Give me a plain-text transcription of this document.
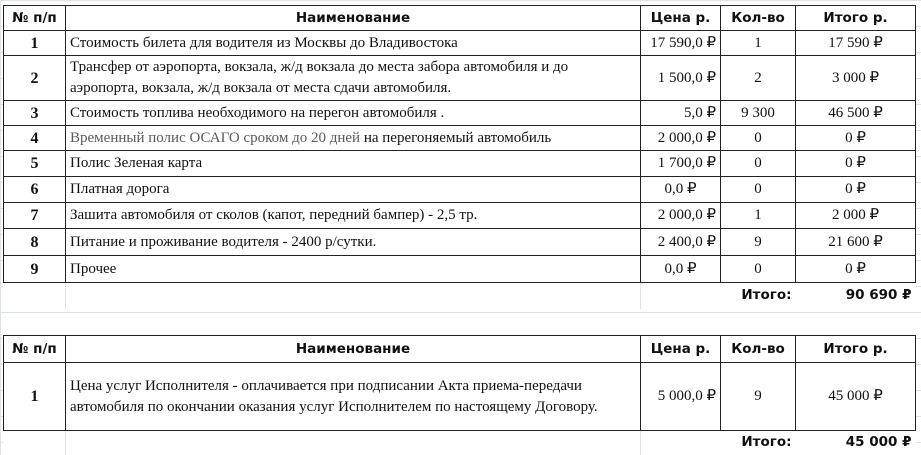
№ п/п	Наименование	Цена р.	Кол-во	Итого р.
1	Стоимость билета для водителя из Москвы до Владивостока	17 590,0 ₽	1	17 590 ₽
2	Трансфер от аэропорта, вокзала, ж/д вокзала до места забора автомобиля и до аэропорта, вокзала, ж/д вокзала от места сдачи автомобиля.	1 500,0 ₽	2	3 000 ₽
3	Стоимость топлива необходимого на перегон автомобиля .	5,0 ₽	9 300	46 500 ₽
4	Временный полис ОСАГО сроком до 20 дней на перегоняемый автомобиль	2 000,0 ₽	0	0 ₽
5	Полис Зеленая карта	1 700,0 ₽	0	0 ₽
6	Платная дорога	0,0 ₽	0	0 ₽
7	Зашита автомобиля от сколов (капот, передний бампер) - 2,5 тр.	2 000,0 ₽	1	2 000 ₽
8	Питание и проживание водителя - 2400 р/сутки.	2 400,0 ₽	9	21 600 ₽
9	Прочее	0,0 ₽	0	0 ₽
			Итого:	90 690 ₽
№ п/п	Наименование	Цена р.	Кол-во	Итого р.
1	Цена услуг Исполнителя - оплачивается при подписании Акта приема-передачи автомобиля по окончании оказания услуг Исполнителем по настоящему Договору.	5 000,0 ₽	9	45 000 ₽
			Итого:	45 000 ₽
